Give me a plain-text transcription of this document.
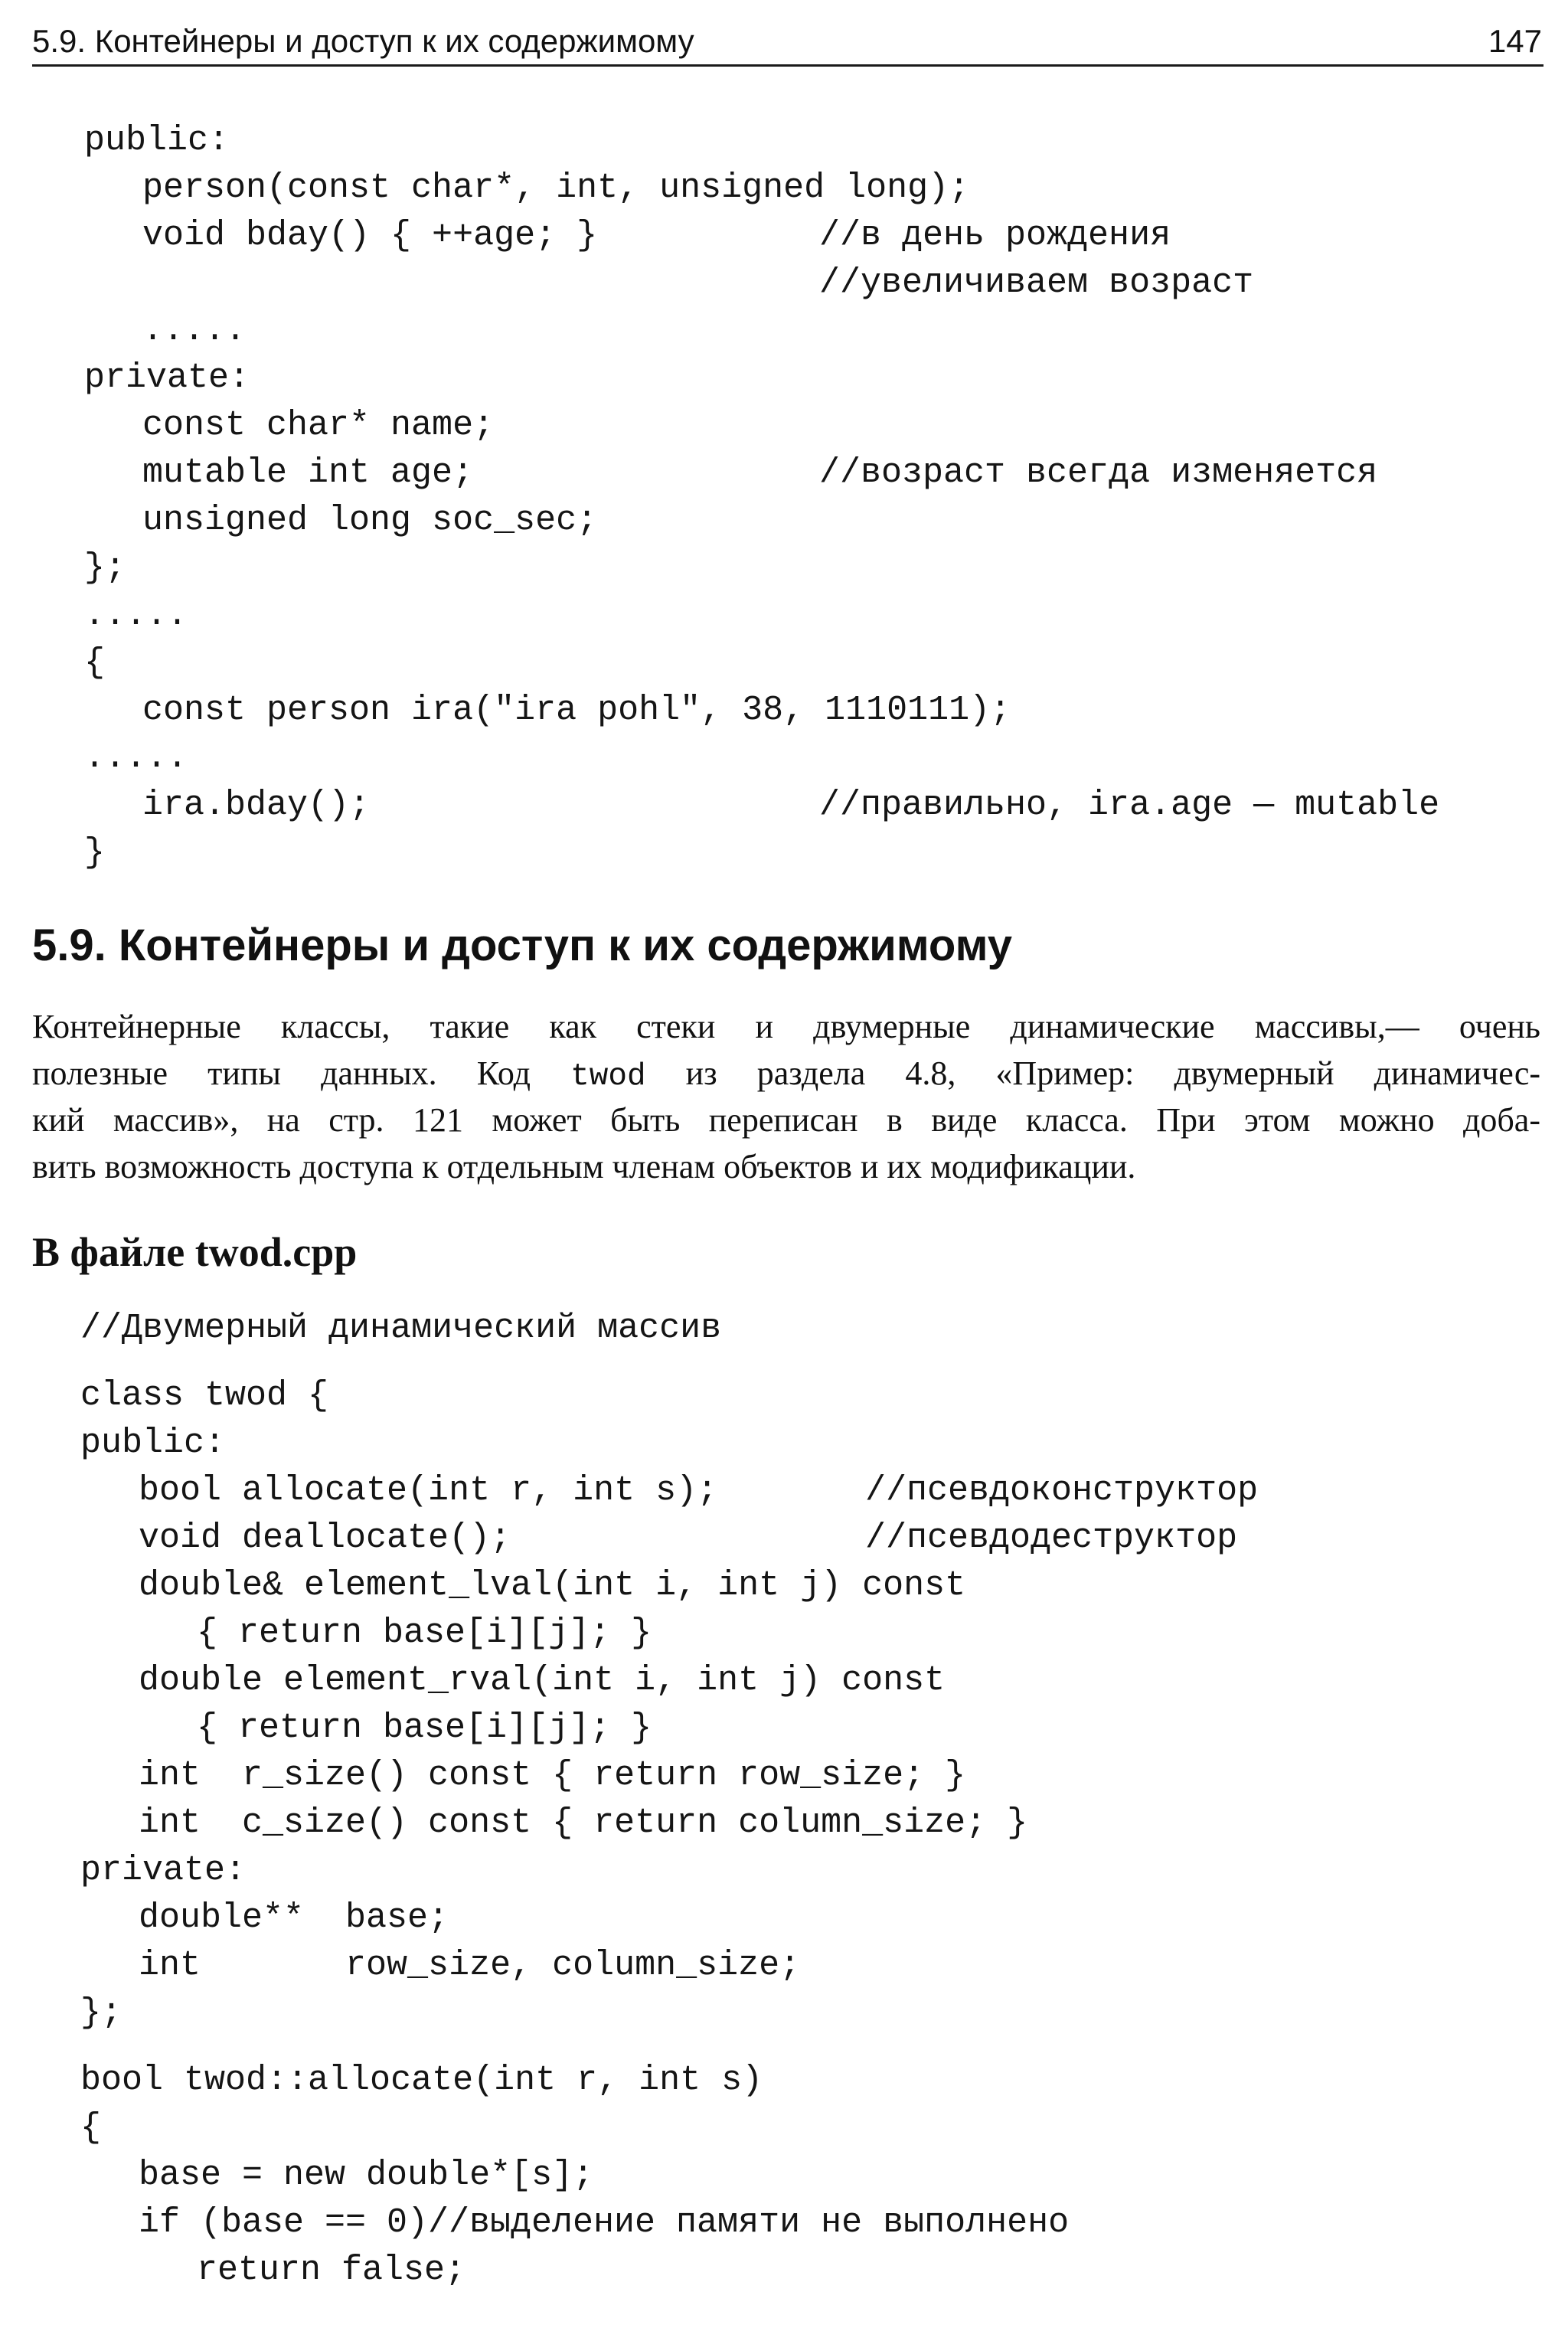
5.9. Контейнеры и доступ к их содержимому	147
public:
person(const char*, int, unsigned long);
void bday() { ++age; }	//в день рождения
//увеличиваем возраст
.....
private:
const char* name;
mutable int age;	//возраст всегда изменяется
unsigned long soc_sec;
};
.....
{
const person ira("ira pohl", 38, 1110111);
.....
ira.bday();	//правильно, ira.age — mutable
}
5.9. Контейнеры и доступ к их содержимому
Контейнерные классы, такие как стеки и двумерные динамические массивы,— очень
полезные типы данных. Код twod из раздела 4.8, «Пример: двумерный динамичес-
кий массив», на стр. 121 может быть переписан в виде класса. При этом можно доба-
вить возможность доступа к отдельным членам объектов и их модификации.
В файле twod.cpp
//Двумерный динамический массив
class twod {
public:
bool allocate(int r, int s);	//псевдоконструктор
void deallocate();	//псевдодеструктор
double& element_lval(int i, int j) const
{ return base[i][j]; }
double element_rval(int i, int j) const
{ return base[i][j]; }
int  r_size() const { return row_size; }
int  c_size() const { return column_size; }
private:
double**  base;
int       row_size, column_size;
};
bool twod::allocate(int r, int s)
{
base = new double*[s];
if (base == 0) //выделение памяти не выполнено
return false;
